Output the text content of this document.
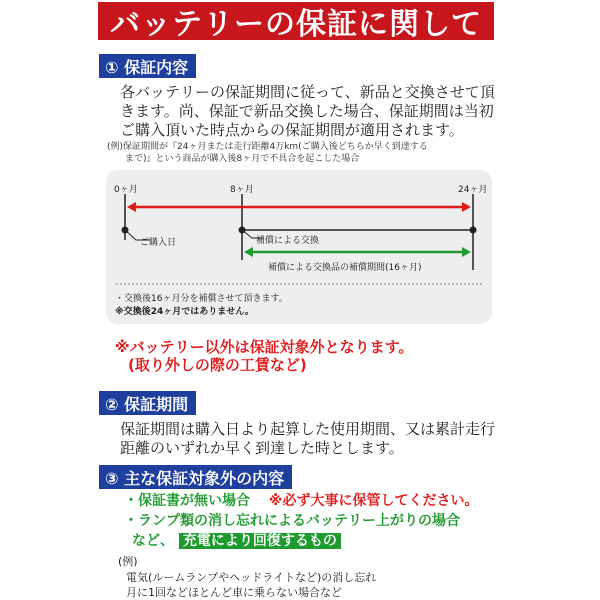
バッテリーの保証に関して
① 保証内容
各バッテリーの保証期間に従って、新品と交換させて頂
きます。尚、保証で新品交換した場合、保証期間は当初
ご購入頂いた時点からの保証期間が適用されます。
(例)保証期間が『24ヶ月または走行距離4万km(ご購入後どちらか早く到達する
　　まで)』という商品が購入後8ヶ月で不具合を起こした場合
0ヶ月	8ヶ月	24ヶ月
ご購入日	補償による交換
補償による交換品の補償期間(16ヶ月)
・交換後16ヶ月分を補償させて頂きます。
※交換後24ヶ月ではありません。
※バッテリー以外は保証対象外となります。
(取り外しの際の工賃など)
② 保証期間
保証期間は購入日より起算した使用期間、又は累計走行
距離のいずれか早く到達した時とします。
③ 主な保証対象外の内容
・保証書が無い場合 ※必ず大事に保管してください。
・ランプ類の消し忘れによるバッテリー上がりの場合
など、 充電により回復するもの
(例)
電気(ルームランプやヘッドライトなど)の消し忘れ
月に1回などほとんど車に乗らない場合など
